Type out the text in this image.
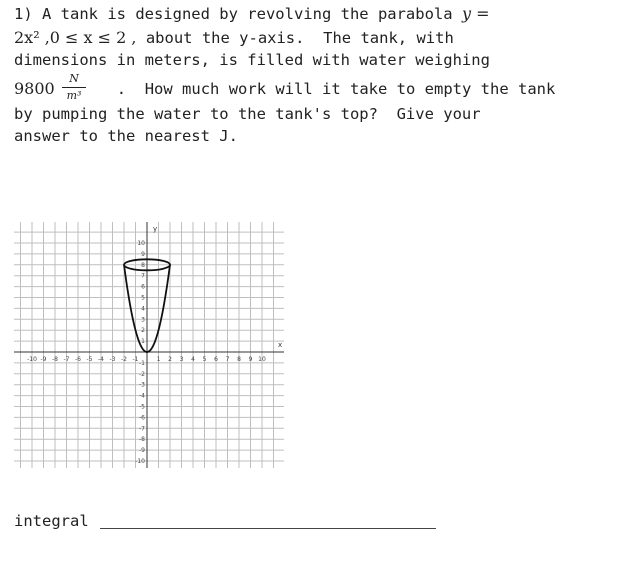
1) A tank is designed by revolving the parabola y =
2x² ,0 ≤ x ≤ 2 , about the y-axis.  The tank, with
dimensions in meters, is filled with water weighing
9800	.  How much work will it take to empty the tank
N
m³
by pumping the water to the tank's top?  Give your
answer to the nearest J.
x
y
-10 -9 -8 -7 -6 -5 -4 -3 -2 -1	1 2 3 4 5 6 7 8 9 10
10
9
8
7
6
5
4
3
2
1
-1
-2
-3
-4
-5
-6
-7
-8
-9
-10
integral
